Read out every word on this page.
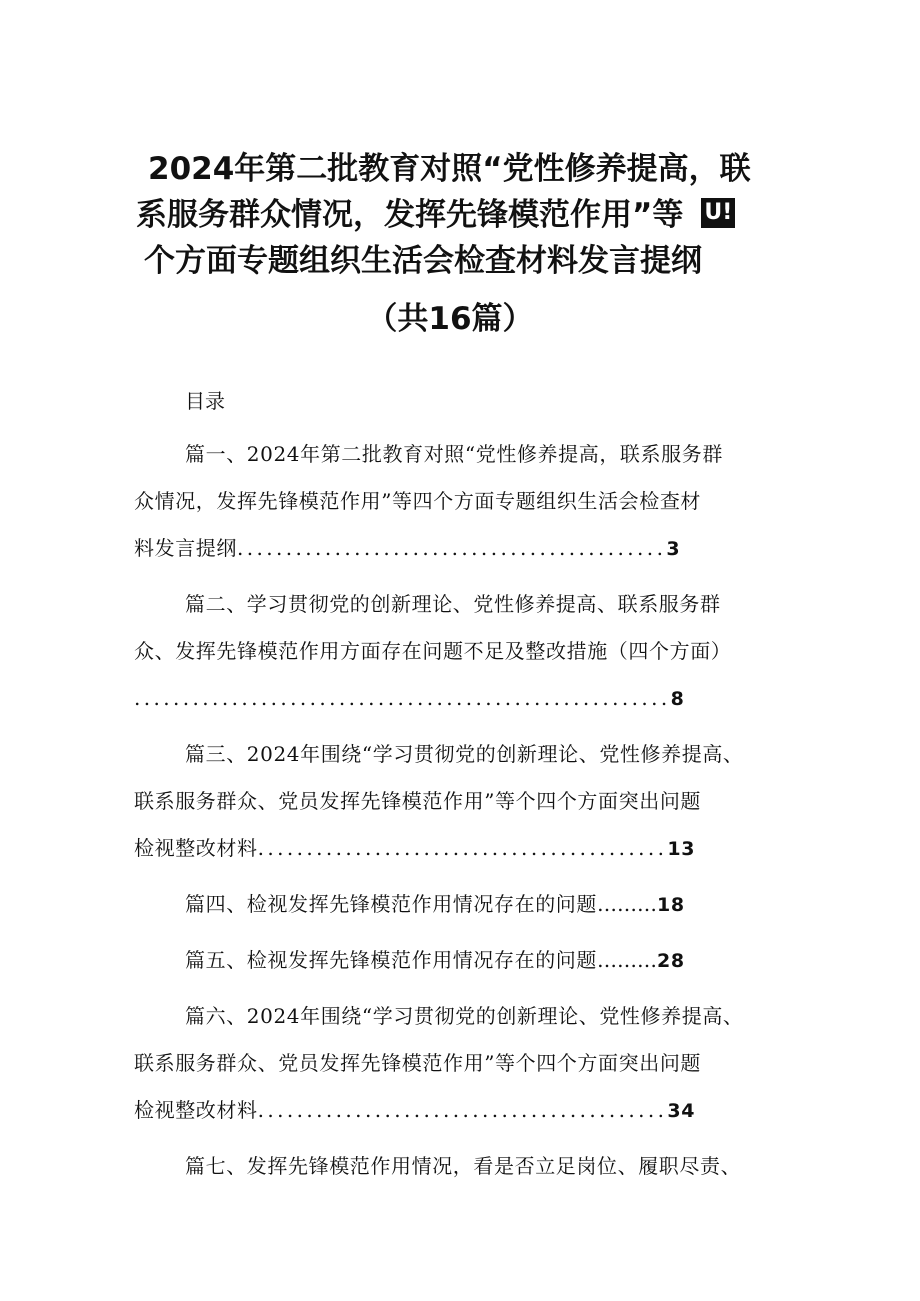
2024年第二批教育对照“党性修养提高，联
系服务群众情况，发挥先锋模范作用”等 U!
个方面专题组织生活会检查材料发言提纲
（共16篇）
目录
篇一、2024年第二批教育对照“党性修养提高，联系服务群
众情况，发挥先锋模范作用”等四个方面专题组织生活会检查材
料发言提纲............................................3
篇二、学习贯彻党的创新理论、党性修养提高、联系服务群
众、发挥先锋模范作用方面存在问题不足及整改措施（四个方面）
.......................................................8
篇三、2024年围绕“学习贯彻党的创新理论、党性修养提高、
联系服务群众、党员发挥先锋模范作用”等个四个方面突出问题
检视整改材料..........................................13
篇四、检视发挥先锋模范作用情况存在的问题………18
篇五、检视发挥先锋模范作用情况存在的问题………28
篇六、2024年围绕“学习贯彻党的创新理论、党性修养提高、
联系服务群众、党员发挥先锋模范作用”等个四个方面突出问题
检视整改材料..........................................34
篇七、发挥先锋模范作用情况，看是否立足岗位、履职尽责、
